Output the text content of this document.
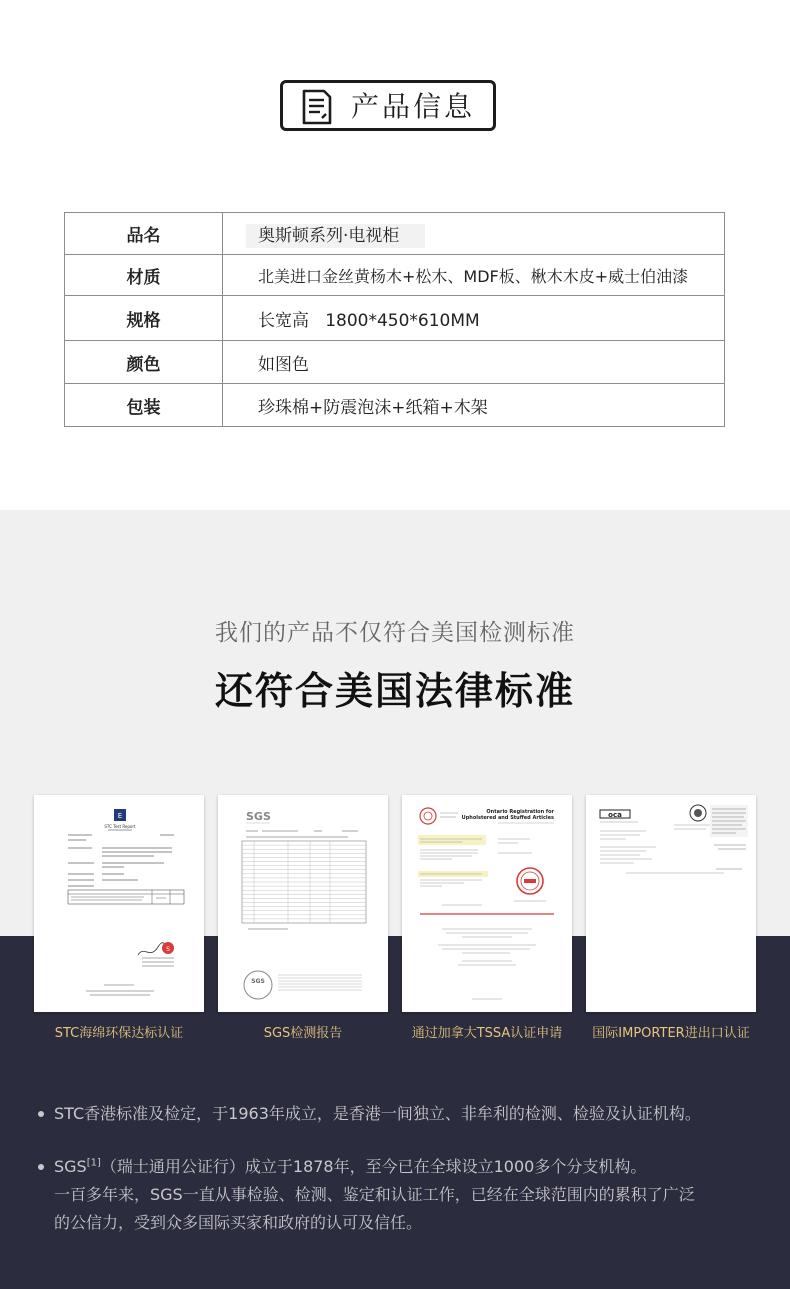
产品信息
品名	奥斯顿系列·电视柜
材质	北美进口金丝黄杨木+松木、MDF板、楸木木皮+威士伯油漆
规格	长宽高   1800*450*610MM
颜色	如图色
包装	珍珠棉+防震泡沫+纸箱+木架
我们的产品不仅符合美国检测标准
还符合美国法律标准
E
STC Test Report
S
STC海绵环保达标认证
SGS
SGS
SGS检测报告
Ontario Registration for
Upholstered and Stuffed Articles
通过加拿大TSSA认证申请
oca
国际IMPORTER进出口认证
STC香港标准及检定，于1963年成立，是香港一间独立、非牟利的检测、检验及认证机构。
SGS[1]（瑞士通用公证行）成立于1878年，至今已在全球设立1000多个分支机构。
一百多年来，SGS一直从事检验、检测、鉴定和认证工作，已经在全球范围内的累积了广泛
的公信力，受到众多国际买家和政府的认可及信任。
